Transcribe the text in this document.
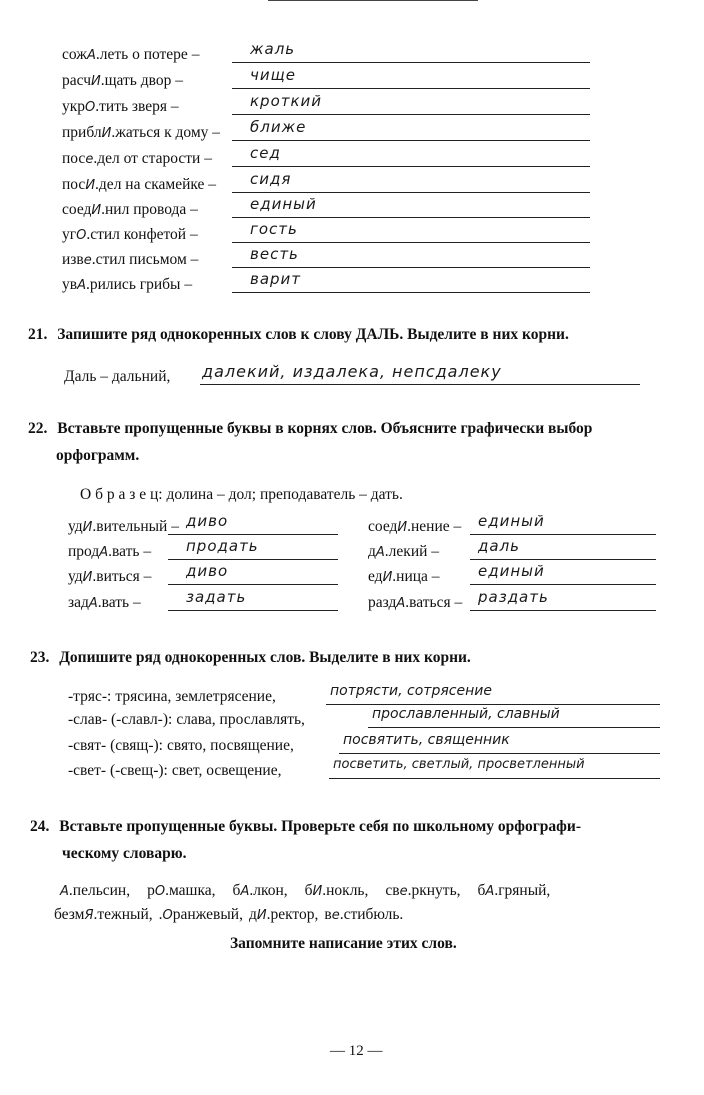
сожА.леть о потере –	жаль
расчИ.щать двор –	чище
укрО.тить зверя –	кроткий
приблИ.жаться к дому – ближе
посе.дел от старости –	сед
посИ.дел на скамейке – сидя
соедИ.нил провода –	единый
угО.стил конфетой –	гость
изве.стил письмом –	весть
увА.рились грибы –	варит
21. Запишите ряд однокоренных слов к слову ДАЛЬ. Выделите в них корни.
Даль – дальний, далекий, издалека, непсдалеку
22. Вставьте пропущенные буквы в корнях слов. Объясните графически выбор
орфограмм.
О б р а з е ц: долина – дол; преподаватель – дать.
удИ.вительный – диво
продА.вать – продать
удИ.виться – диво
задА.вать –	задать
соедИ.нение – единый
дА.лекий –	даль
едИ.ница –	единый
раздА.ваться – раздать
23. Допишите ряд однокоренных слов. Выделите в них корни.
-тряс-: трясина, землетрясение,	потрясти, сотрясение
-слав- (-славл-): слава, прославлять,	прославленный, славный
-свят- (свящ-): свято, посвящение,	посвятить, священник
-свет- (-свещ-): свет, освещение,	посветить, светлый, просветленный
24. Вставьте пропущенные буквы. Проверьте себя по школьному орфографи-
ческому словарю.
А.пельсин, рО.машка, бА.лкон, бИ.нокль, све.ркнуть, бА.гряный,
безмЯ.тежный, .Оранжевый, дИ.ректор, ве.стибюль.
Запомните написание этих слов.
— 12 —
